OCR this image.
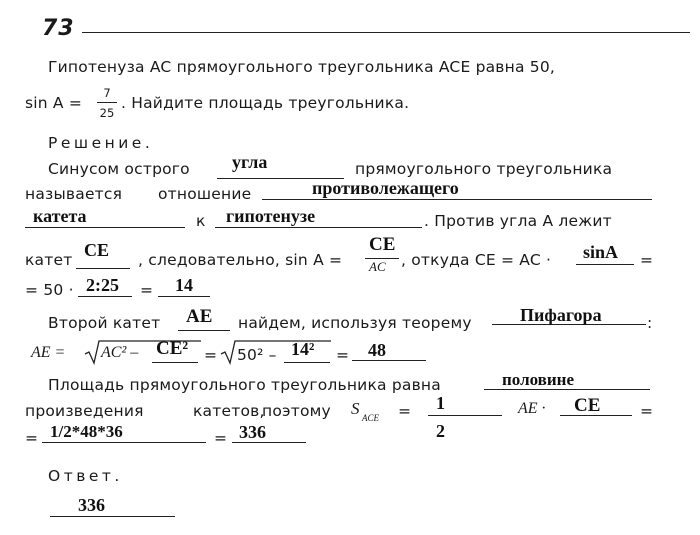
73
Гипотенуза AC прямоугольного треугольника ACE равна 50,
sin A =
7
25
. Найдите площадь треугольника.
Решение.
Синусом острого угла	прямоугольного треугольника
называется отношение	противолежащего
катета	к гипотенузе	. Против угла A лежит
катет CE , следовательно, sin A =
CE
AC , откуда CE = AC · sinA =
= 50 · 2:25 = 14
Второй катет AE найдем, используя теорему	Пифагора	:
AE = AC² – CE² = 50² – 14² = 48
Площадь прямоугольного треугольника равна	половине
произведения	катетов,
поэтому S ACE = 1
2
AE · CE	=
= 1/2*48*36	= 336
Ответ.
336
